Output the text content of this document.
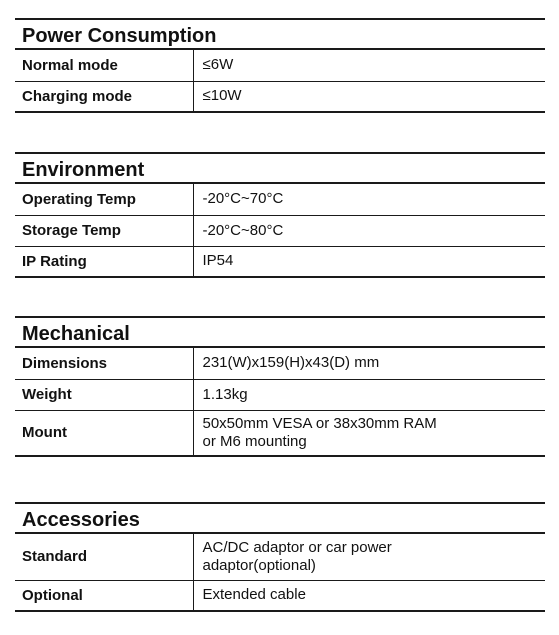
Power Consumption
Normal mode	≤6W
Charging mode	≤10W
Environment
Operating Temp	-20°C~70°C
Storage Temp	-20°C~80°C
IP Rating	IP54
Mechanical
Dimensions	231(W)x159(H)x43(D) mm
Weight	1.13kg
Mount	50x50mm VESA or 38x30mm RAM
or M6 mounting
Accessories
Standard	AC/DC adaptor or car power
adaptor(optional)
Optional	Extended cable
